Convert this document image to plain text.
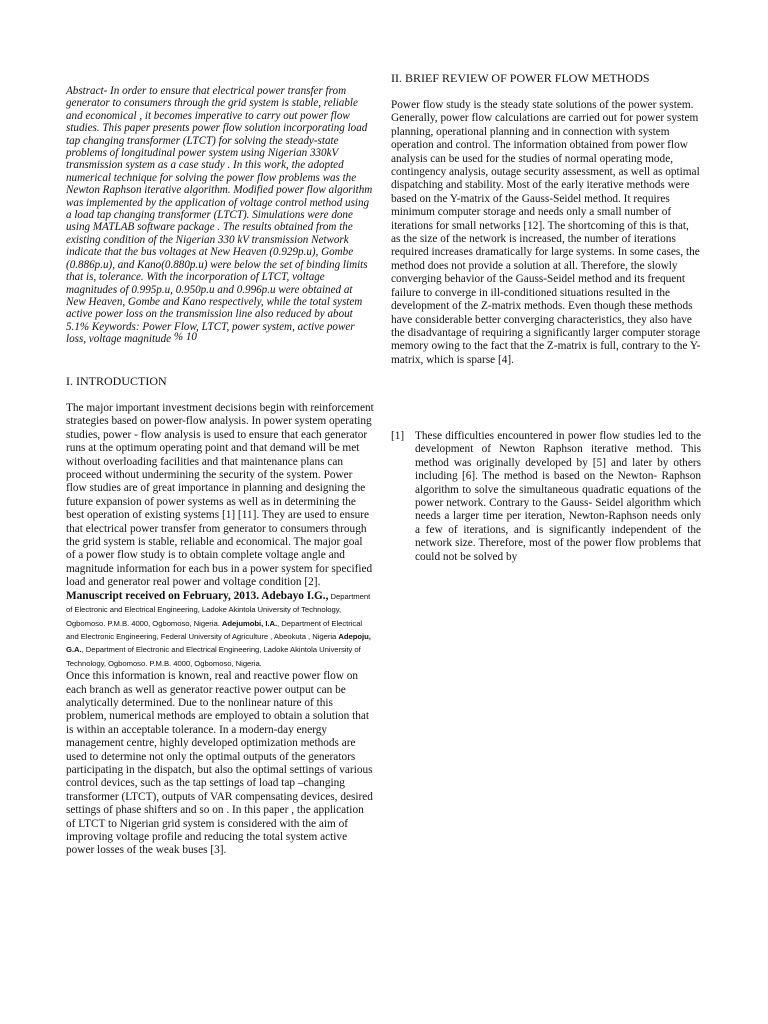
Abstract- In order to ensure that electrical power transfer from generator to consumers through the grid system is stable, reliable and economical , it becomes imperative to carry out power flow studies. This paper presents power flow solution incorporating load tap changing transformer (LTCT) for solving the steady-state problems of longitudinal power system using Nigerian 330kV transmission system as a case study . In this work, the adopted numerical technique for solving the power flow problems was the Newton Raphson iterative algorithm. Modified power flow algorithm was implemented by the application of voltage control method using a load tap changing transformer (LTCT). Simulations were done using MATLAB software package . The results obtained from the existing condition of the Nigerian 330 kV transmission Network indicate that the bus voltages at New Heaven (0.929p.u), Gombe (0.886p.u), and Kano(0.880p.u) were below the set of binding limits that is, tolerance. With the incorporation of LTCT, voltage magnitudes of 0.995p.u, 0.950p.u and 0.996p.u were obtained at New Heaven, Gombe and Kano respectively, while the total system active power loss on the transmission line also reduced by about 5.1% Keywords: Power Flow, LTCT, power system, active power loss, voltage magnitude % 10

I. INTRODUCTION

The major important investment decisions begin with reinforcement strategies based on power-flow analysis. In power system operating studies, power - flow analysis is used to ensure that each generator runs at the optimum operating point and that demand will be met without overloading facilities and that maintenance plans can proceed without undermining the security of the system. Power flow studies are of great importance in planning and designing the future expansion of power systems as well as in determining the best operation of existing systems [1] [11]. They are used to ensure that electrical power transfer from generator to consumers through the grid system is stable, reliable and economical. The major goal of a power flow study is to obtain complete voltage angle and magnitude information for each bus in a power system for specified load and generator real power and voltage condition [2]. Manuscript received on February, 2013. Adebayo I.G., Department of Electronic and Electrical Engineering, Ladoke Akintola University of Technology, Ogbomoso. P.M.B. 4000, Ogbomoso, Nigeria. Adejumobi, I.A., Department of Electrical and Electronic Engineering, Federal University of Agriculture , Abeokuta , Nigeria Adepoju, G.A., Department of Electronic and Electrical Engineering, Ladoke Akintola University of Technology, Ogbomoso. P.M.B. 4000, Ogbomoso, Nigeria.
Once this information is known, real and reactive power flow on each branch as well as generator reactive power output can be analytically determined. Due to the nonlinear nature of this problem, numerical methods are employed to obtain a solution that is within an acceptable tolerance. In a modern-day energy management centre, highly developed optimization methods are used to determine not only the optimal outputs of the generators participating in the dispatch, but also the optimal settings of various control devices, such as the tap settings of load tap –changing transformer (LTCT), outputs of VAR compensating devices, desired settings of phase shifters and so on . In this paper , the application of LTCT to Nigerian grid system is considered with the aim of improving voltage profile and reducing the total system active power losses of the weak buses [3].

II. BRIEF REVIEW OF POWER FLOW METHODS

Power flow study is the steady state solutions of the power system. Generally, power flow calculations are carried out for power system planning, operational planning and in connection with system operation and control. The information obtained from power flow analysis can be used for the studies of normal operating mode, contingency analysis, outage security assessment, as well as optimal dispatching and stability. Most of the early iterative methods were based on the Y-matrix of the Gauss-Seidel method. It requires minimum computer storage and needs only a small number of iterations for small networks [12]. The shortcoming of this is that, as the size of the network is increased, the number of iterations required increases dramatically for large systems. In some cases, the method does not provide a solution at all. Therefore, the slowly converging behavior of the Gauss-Seidel method and its frequent failure to converge in ill-conditioned situations resulted in the development of the Z-matrix methods. Even though these methods have considerable better converging characteristics, they also have the disadvantage of requiring a significantly larger computer storage memory owing to the fact that the Z-matrix is full, contrary to the Y-matrix, which is sparse [4].

[1] These difficulties encountered in power flow studies led to the development of Newton Raphson iterative method. This method was originally developed by [5] and later by others including [6]. The method is based on the Newton- Raphson algorithm to solve the simultaneous quadratic equations of the power network. Contrary to the Gauss- Seidel algorithm which needs a larger time per iteration, Newton-Raphson needs only a few of iterations, and is significantly independent of the network size. Therefore, most of the power flow problems that could not be solved by
